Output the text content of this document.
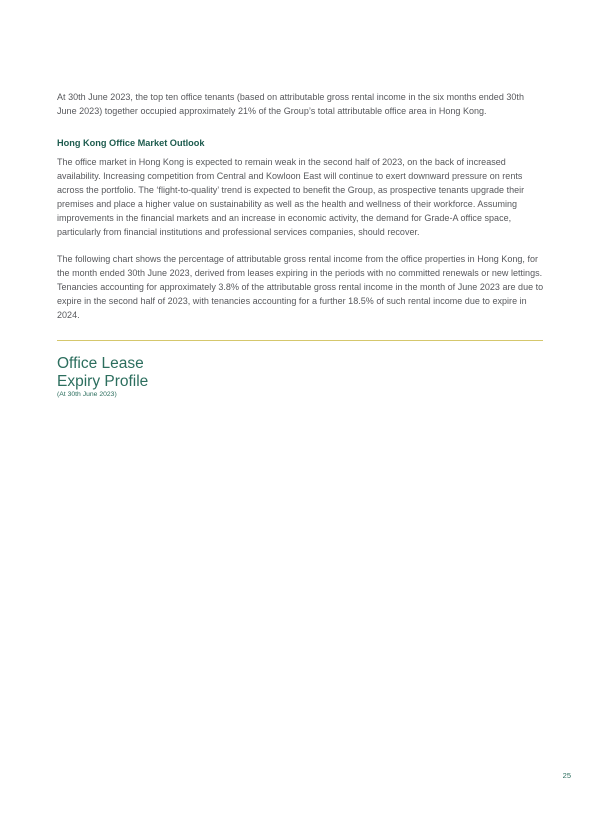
At 30th June 2023, the top ten office tenants (based on attributable gross rental income in the six months ended 30th June 2023) together occupied approximately 21% of the Group’s total attributable office area in Hong Kong.

Hong Kong Office Market Outlook

The office market in Hong Kong is expected to remain weak in the second half of 2023, on the back of increased availability. Increasing competition from Central and Kowloon East will continue to exert downward pressure on rents across the portfolio. The ‘flight-to-quality’ trend is expected to benefit the Group, as prospective tenants upgrade their premises and place a higher value on sustainability as well as the health and wellness of their workforce. Assuming improvements in the financial markets and an increase in economic activity, the demand for Grade-A office space, particularly from financial institutions and professional services companies, should recover.

The following chart shows the percentage of attributable gross rental income from the office properties in Hong Kong, for the month ended 30th June 2023, derived from leases expiring in the periods with no committed renewals or new lettings. Tenancies accounting for approximately 3.8% of the attributable gross rental income in the month of June 2023 are due to expire in the second half of 2023, with tenancies accounting for a further 18.5% of such rental income due to expire in 2024.

Office Lease
Expiry Profile

(At 30th June 2023)

25
